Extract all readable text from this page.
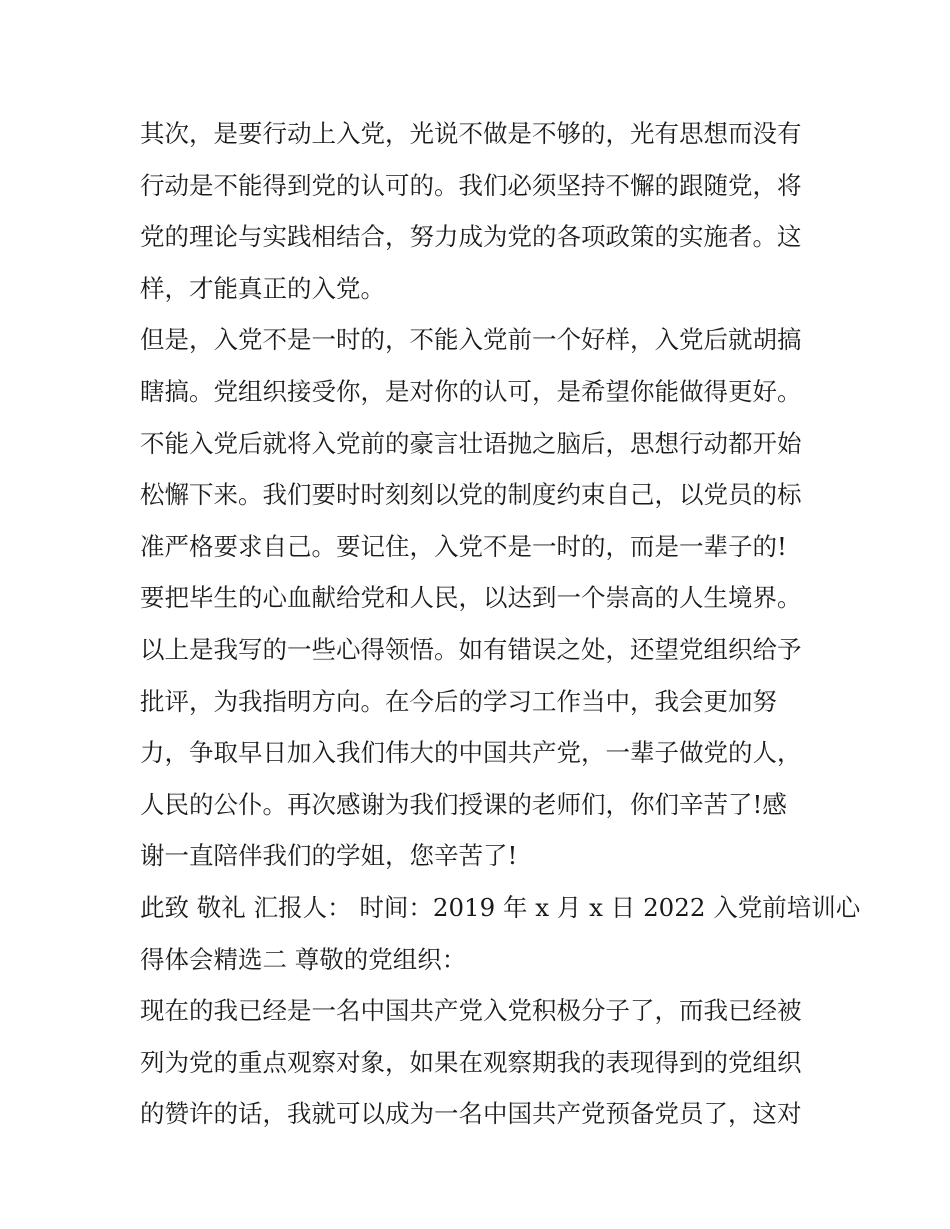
其次，是要行动上入党，光说不做是不够的，光有思想而没有
行动是不能得到党的认可的。我们必须坚持不懈的跟随党，将
党的理论与实践相结合，努力成为党的各项政策的实施者。这
样，才能真正的入党。
但是，入党不是一时的，不能入党前一个好样，入党后就胡搞
瞎搞。党组织接受你，是对你的认可，是希望你能做得更好。
不能入党后就将入党前的豪言壮语抛之脑后，思想行动都开始
松懈下来。我们要时时刻刻以党的制度约束自己，以党员的标
准严格要求自己。要记住，入党不是一时的，而是一辈子的!
要把毕生的心血献给党和人民，以达到一个崇高的人生境界。
以上是我写的一些心得领悟。如有错误之处，还望党组织给予
批评，为我指明方向。在今后的学习工作当中，我会更加努
力，争取早日加入我们伟大的中国共产党，一辈子做党的人，
人民的公仆。再次感谢为我们授课的老师们，你们辛苦了!感
谢一直陪伴我们的学姐，您辛苦了!
此致 敬礼 汇报人： 时间：2019 年 x 月 x 日 2022 入党前培训心
得体会精选二 尊敬的党组织：
现在的我已经是一名中国共产党入党积极分子了，而我已经被
列为党的重点观察对象，如果在观察期我的表现得到的党组织
的赞许的话，我就可以成为一名中国共产党预备党员了，这对
